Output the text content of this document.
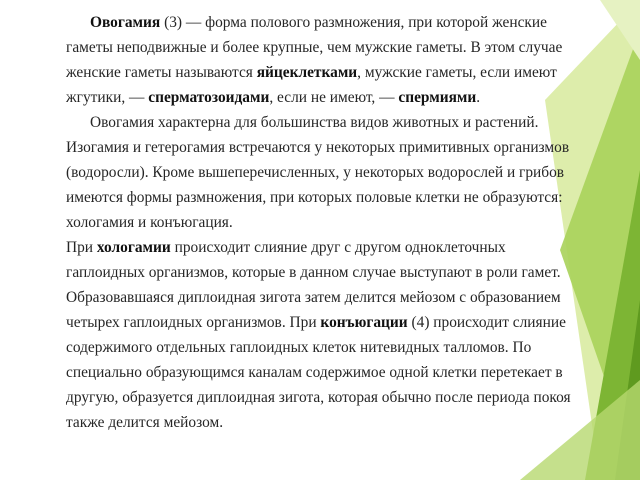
Овогамия (3) — форма полового размножения, при которой женские гаметы неподвижные и более крупные, чем мужские гаметы. В этом случае женские гаметы называются яйцеклетками, мужские гаметы, если имеют жгутики, — сперматозоидами, если не имеют, — спермиями.

Овогамия характерна для большинства видов животных и растений. Изогамия и гетерогамия встречаются у некоторых примитивных организмов (водоросли). Кроме вышеперечисленных, у некоторых водорослей и грибов имеются формы размножения, при которых половые клетки не образуются: хологамия и конъюгация.

При хологамии происходит слияние друг с другом одноклеточных гаплоидных организмов, которые в данном случае выступают в роли гамет. Образовавшаяся диплоидная зигота затем делится мейозом с образованием четырех гаплоидных организмов. При конъюгации (4) происходит слияние содержимого отдельных гаплоидных клеток нитевидных талломов. По специально образующимся каналам содержимое одной клетки перетекает в другую, образуется диплоидная зигота, которая обычно после периода покоя также делится мейозом.
